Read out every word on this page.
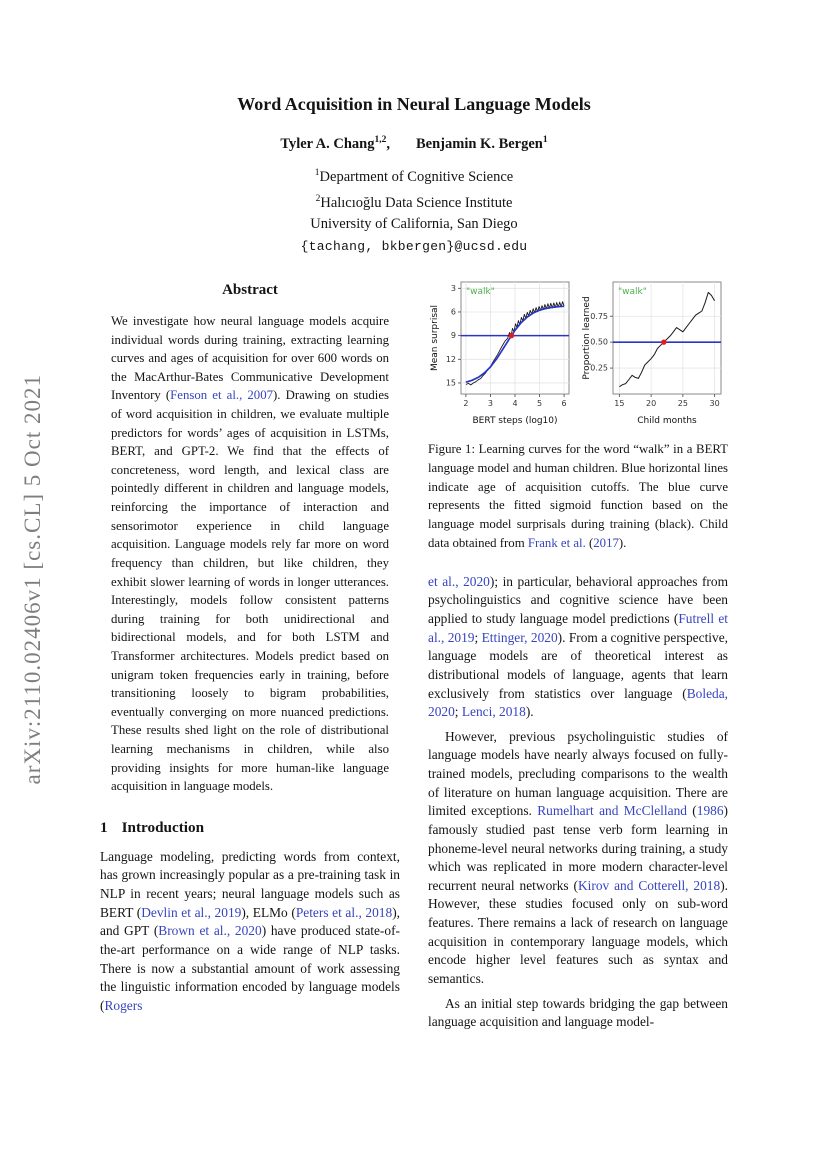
arXiv:2110.02406v1 [cs.CL] 5 Oct 2021
Word Acquisition in Neural Language Models
Tyler A. Chang$^{1,2}$, Benjamin K. Bergen$^1$
$^1$Department of Cognitive Science
$^2$Halıcıoğlu Data Science Institute
University of California, San Diego
{tachang, bkbergen}@ucsd.edu
Abstract

We investigate how neural language models acquire individual words during training, extracting learning curves and ages of acquisition for over 600 words on the MacArthur-Bates Communicative Development Inventory (Fenson et al., 2007). Drawing on studies of word acquisition in children, we evaluate multiple predictors for words’ ages of acquisition in LSTMs, BERT, and GPT-2. We find that the effects of concreteness, word length, and lexical class are pointedly different in children and language models, reinforcing the importance of interaction and sensorimotor experience in child language acquisition. Language models rely far more on word frequency than children, but like children, they exhibit slower learning of words in longer utterances. Interestingly, models follow consistent patterns during training for both unidirectional and bidirectional models, and for both LSTM and Transformer architectures. Models predict based on unigram token frequencies early in training, before transitioning loosely to bigram probabilities, eventually converging on more nuanced predictions. These results shed light on the role of distributional learning mechanisms in children, while also providing insights for more human-like language acquisition in language models.

1 Introduction

Language modeling, predicting words from context, has grown increasingly popular as a pre-training task in NLP in recent years; neural language models such as BERT (Devlin et al., 2019), ELMo (Peters et al., 2018), and GPT (Brown et al., 2020) have produced state-of-the-art performance on a wide range of NLP tasks. There is now a substantial amount of work assessing the linguistic information encoded by language models (Rogers

"walk"
2 3 4 5 6
3
6
9
12
15
BERT steps (log10)
Mean surprisal
"walk"
15	20	25	30
0.25
0.50
0.75
Child months
Proportion learned
Figure 1: Learning curves for the word “walk” in a BERT language model and human children. Blue horizontal lines indicate age of acquisition cutoffs. The blue curve represents the fitted sigmoid function based on the language model surprisals during training (black). Child data obtained from Frank et al. (2017).

et al., 2020); in particular, behavioral approaches from psycholinguistics and cognitive science have been applied to study language model predictions (Futrell et al., 2019; Ettinger, 2020). From a cognitive perspective, language models are of theoretical interest as distributional models of language, agents that learn exclusively from statistics over language (Boleda, 2020; Lenci, 2018).

However, previous psycholinguistic studies of language models have nearly always focused on fully-trained models, precluding comparisons to the wealth of literature on human language acquisition. There are limited exceptions. Rumelhart and McClelland (1986) famously studied past tense verb form learning in phoneme-level neural networks during training, a study which was replicated in more modern character-level recurrent neural networks (Kirov and Cotterell, 2018). However, these studies focused only on sub-word features. There remains a lack of research on language acquisition in contemporary language models, which encode higher level features such as syntax and semantics.

As an initial step towards bridging the gap between language acquisition and language model-
